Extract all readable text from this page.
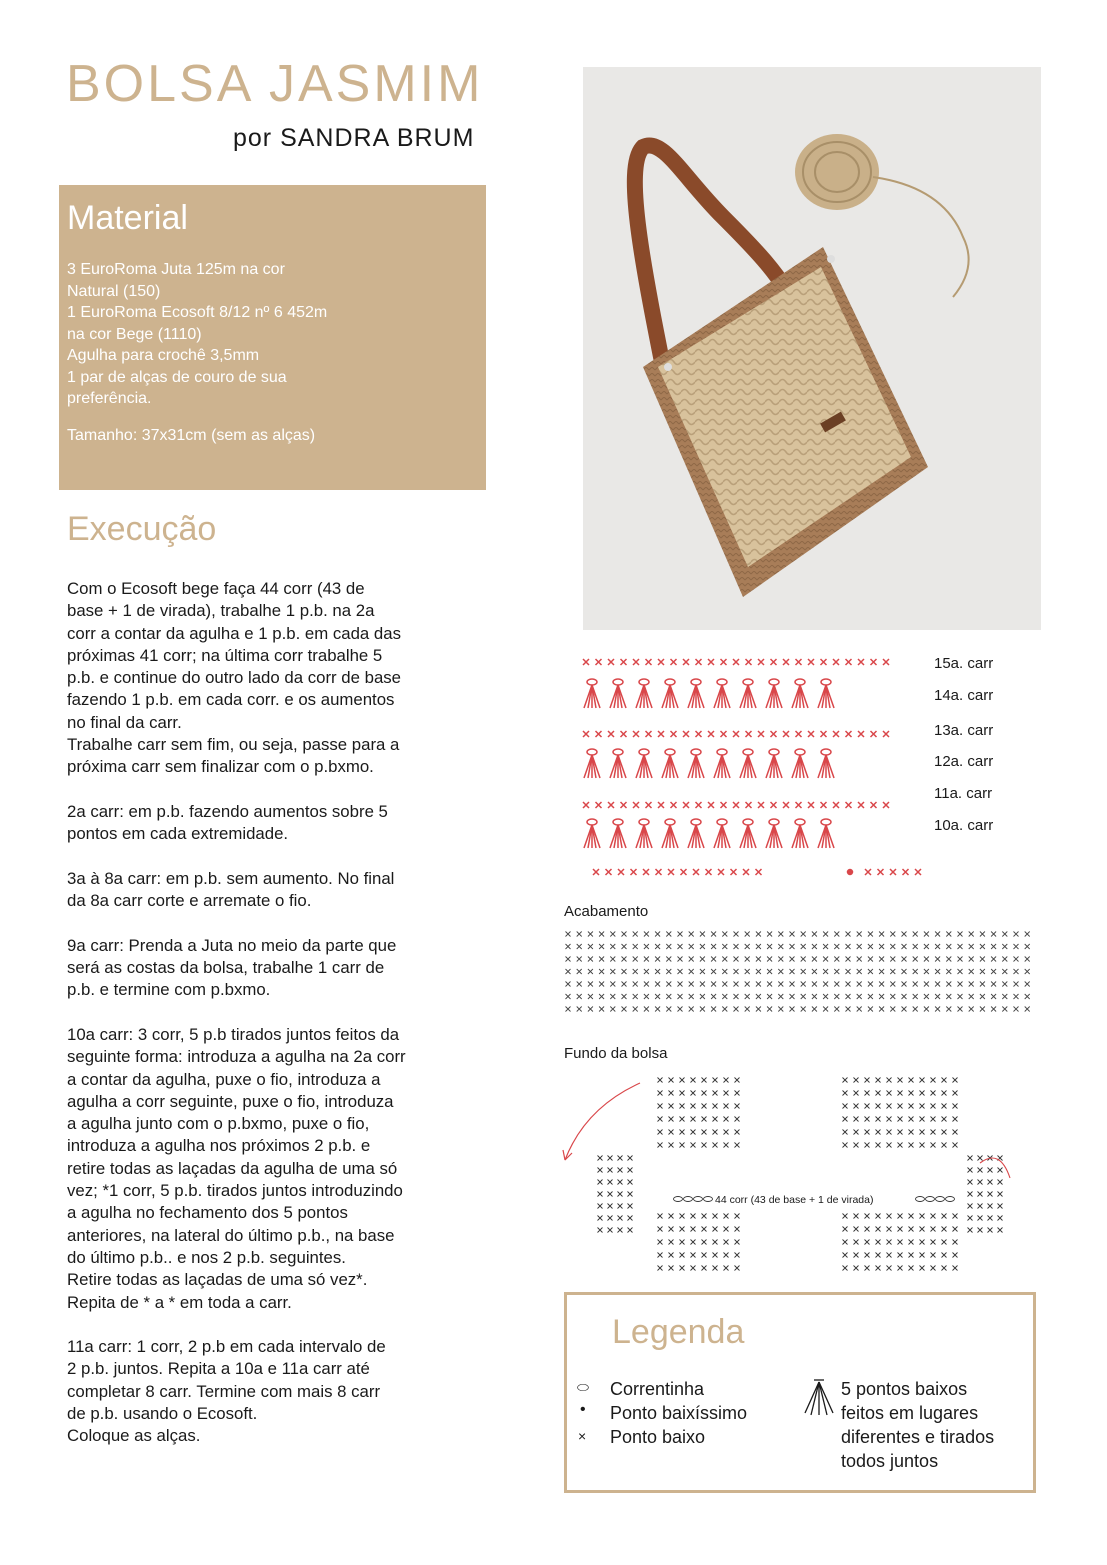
BOLSA JASMIM
por SANDRA BRUM
Material
3 EuroRoma Juta 125m na cor
Natural (150)
1 EuroRoma Ecosoft 8/12 nº 6 452m
na cor Bege (1110)
Agulha para crochê 3,5mm
1 par de alças de couro de sua
preferência.
Tamanho: 37x31cm (sem as alças)
Execução
Com o Ecosoft bege faça 44 corr (43 de
base + 1 de virada), trabalhe 1 p.b. na 2a
corr a contar da agulha e 1 p.b. em cada das
próximas 41 corr; na última corr trabalhe 5
p.b. e continue do outro lado da corr de base
fazendo 1 p.b. em cada corr. e os aumentos
no final da carr.
Trabalhe carr sem fim, ou seja, passe para a
próxima carr sem finalizar com o p.bxmo.
2a carr: em p.b. fazendo aumentos sobre 5
pontos em cada extremidade.
3a à 8a carr: em p.b. sem aumento. No final
da 8a carr corte e arremate o fio.
9a carr: Prenda a Juta no meio da parte que
será as costas da bolsa, trabalhe 1 carr de
p.b. e termine com p.bxmo.
10a carr: 3 corr, 5 p.b tirados juntos feitos da
seguinte forma: introduza a agulha na 2a corr
a contar da agulha, puxe o fio, introduza a
agulha a corr seguinte, puxe o fio, introduza
a agulha junto com o p.bxmo, puxe o fio,
introduza a agulha nos próximos 2 p.b. e
retire todas as laçadas da agulha de uma só
vez; *1 corr, 5 p.b. tirados juntos introduzindo
a agulha no fechamento dos 5 pontos
anteriores, na lateral do último p.b., na base
do último p.b.. e nos 2 p.b. seguintes.
Retire todas as laçadas de uma só vez*.
Repita de * a * em toda a carr.
11a carr: 1 corr, 2 p.b em cada intervalo de
2 p.b. juntos. Repita a 10a e 11a carr até
completar 8 carr. Termine com mais 8 carr
de p.b. usando o Ecosoft.
Coloque as alças.
15a. carr
14a. carr
13a. carr
12a. carr
11a. carr
10a. carr
Acabamento
Fundo da bolsa
44 corr (43 de base + 1 de virada)
Legenda
⬭ Correntinha
• Ponto baixíssimo
× Ponto baixo
5 pontos baixos
feitos em lugares
diferentes e tirados
todos juntos
